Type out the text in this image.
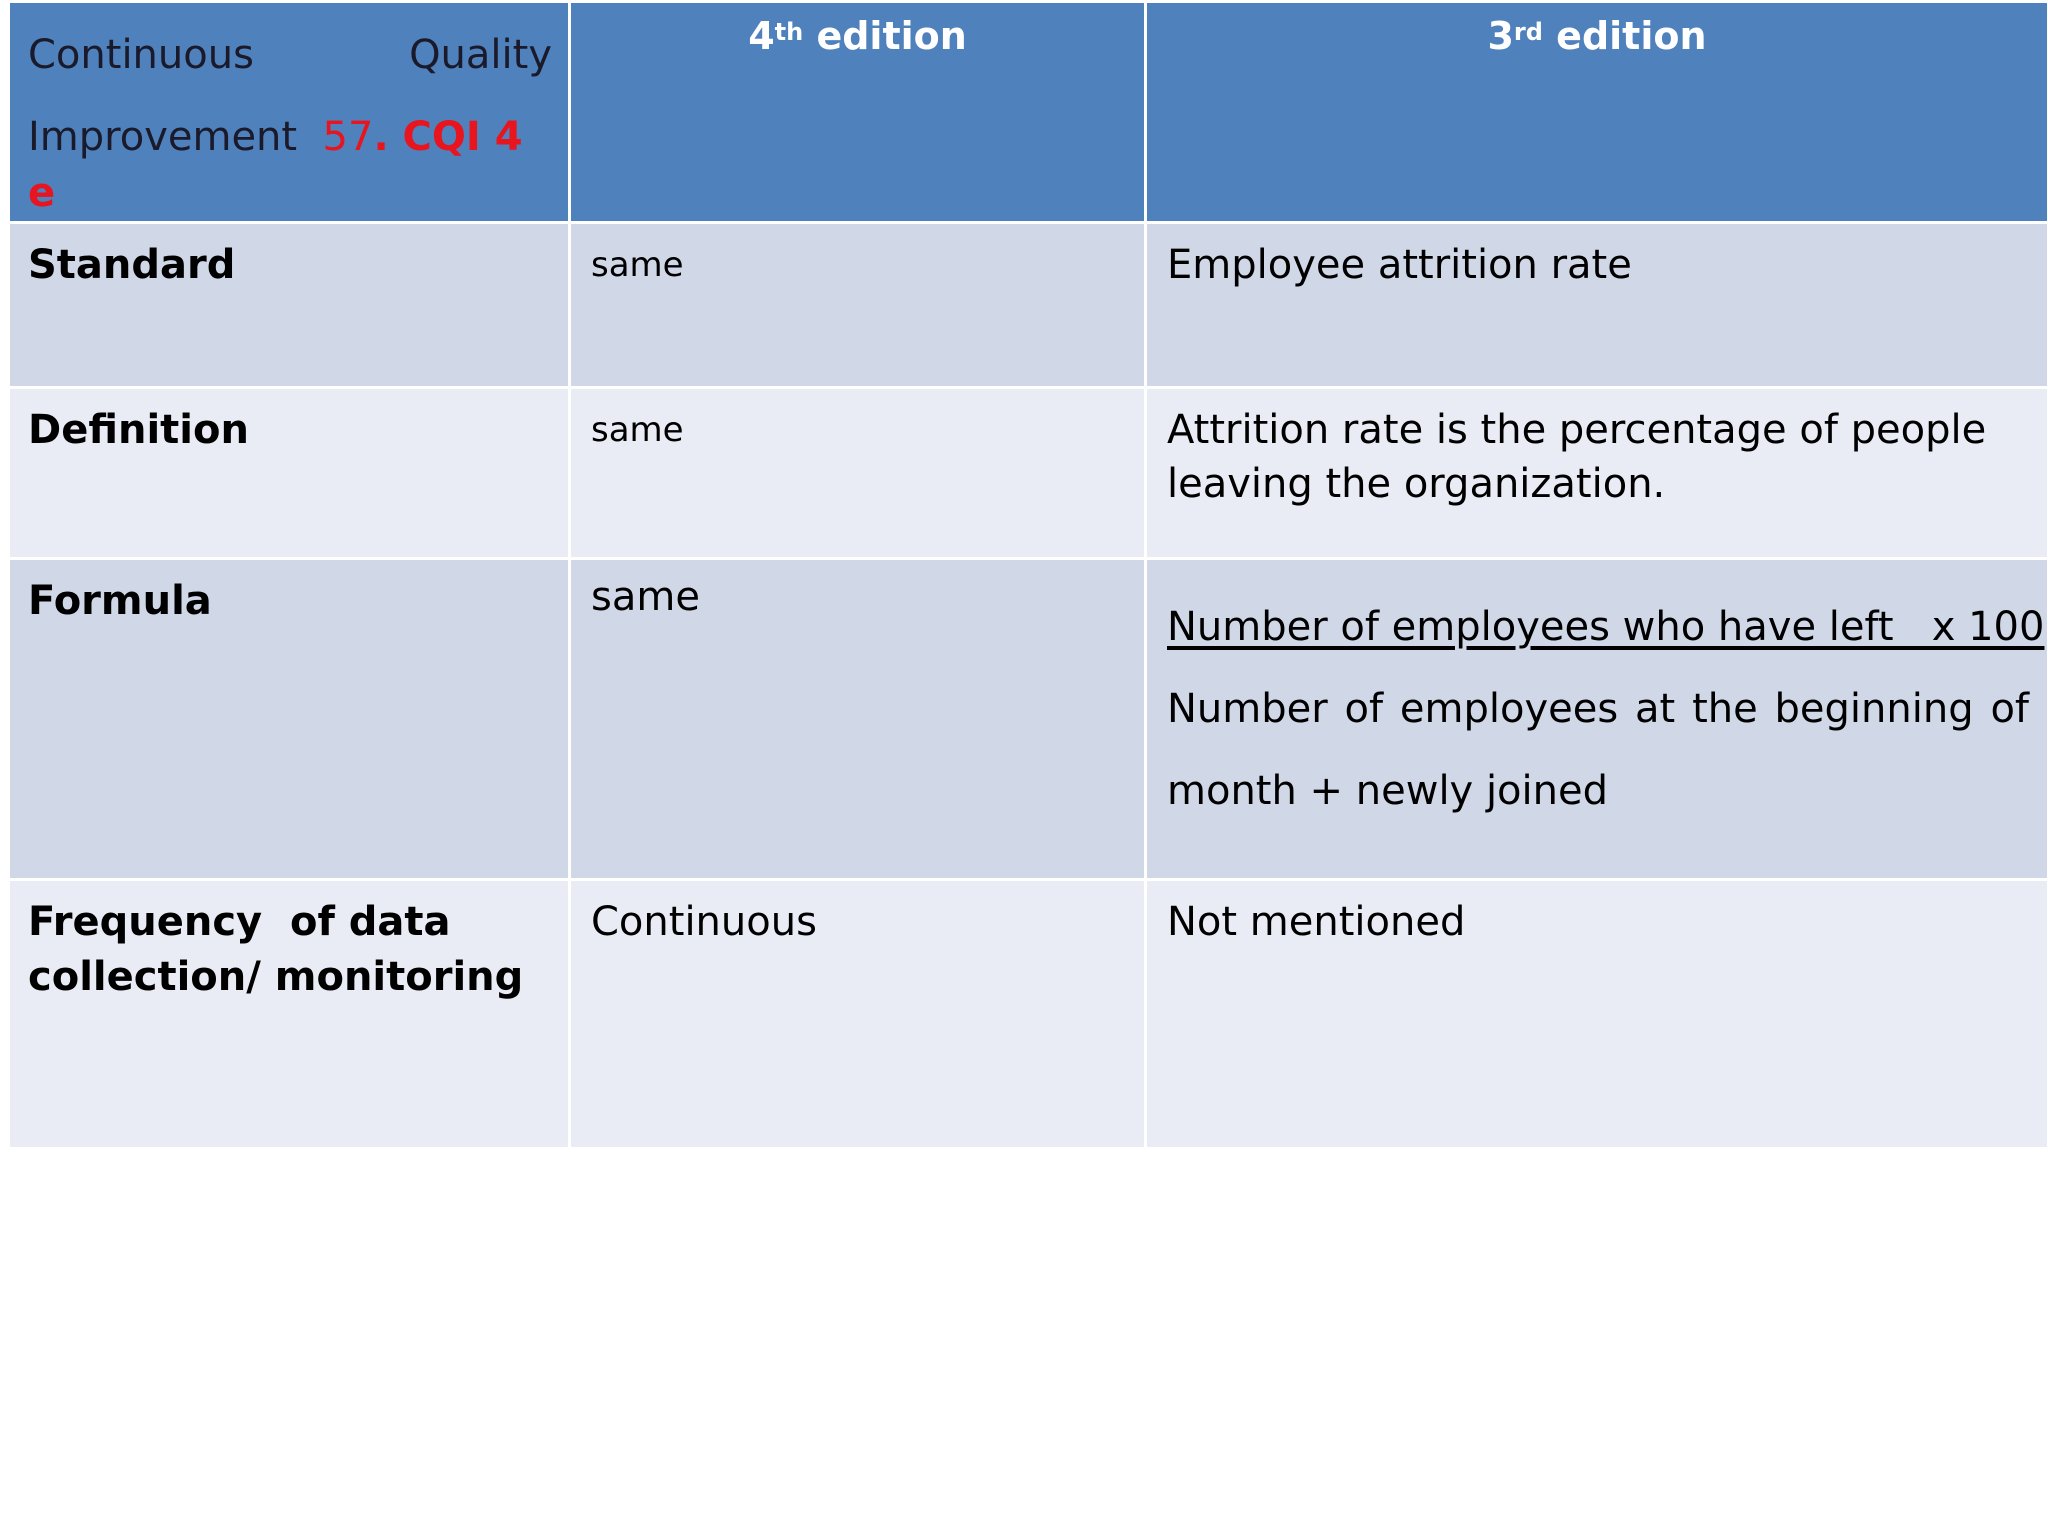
Continuous Quality
Improvement 57. CQI 4 e	4th edition	3rd edition

Standard	same	Employee attrition rate

Definition	same	Attrition rate is the percentage of people leaving the organization.

Formula	same	Number of employees who have left   x 100
Number of employees at the beginning of month + newly joined

Frequency  of data collection/ monitoring	Continuous	Not mentioned
